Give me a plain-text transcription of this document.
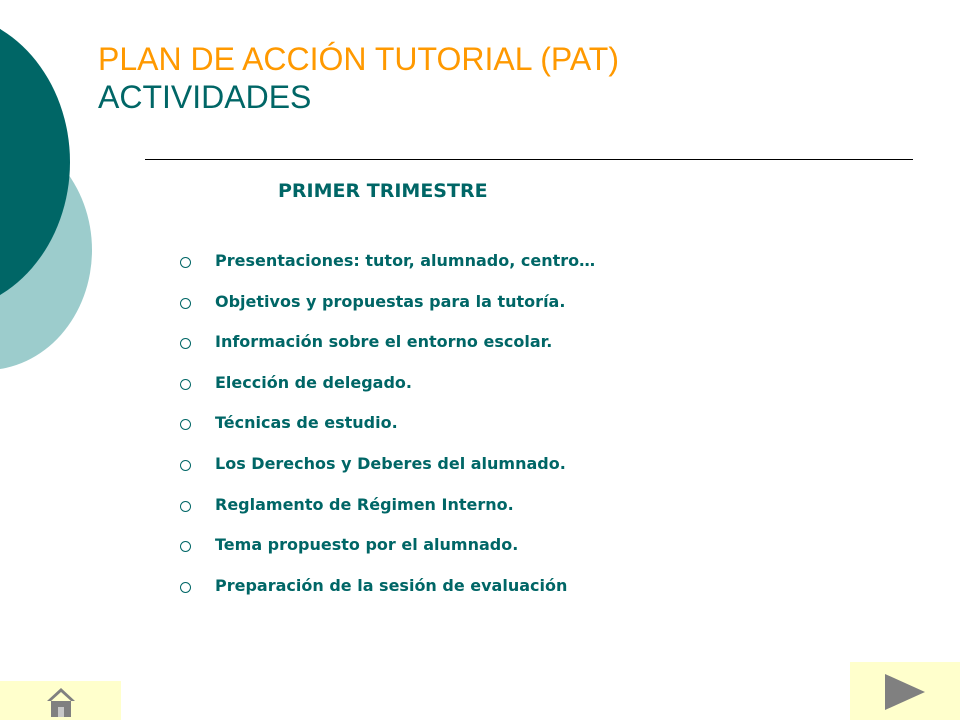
PLAN DE ACCIÓN TUTORIAL (PAT)
ACTIVIDADES
PRIMER TRIMESTRE
Presentaciones: tutor, alumnado, centro…
Objetivos y propuestas para la tutoría.
Información sobre el entorno escolar.
Elección de delegado.
Técnicas de estudio.
Los Derechos y Deberes del alumnado.
Reglamento de Régimen Interno.
Tema propuesto por el alumnado.
Preparación de la sesión de evaluación
